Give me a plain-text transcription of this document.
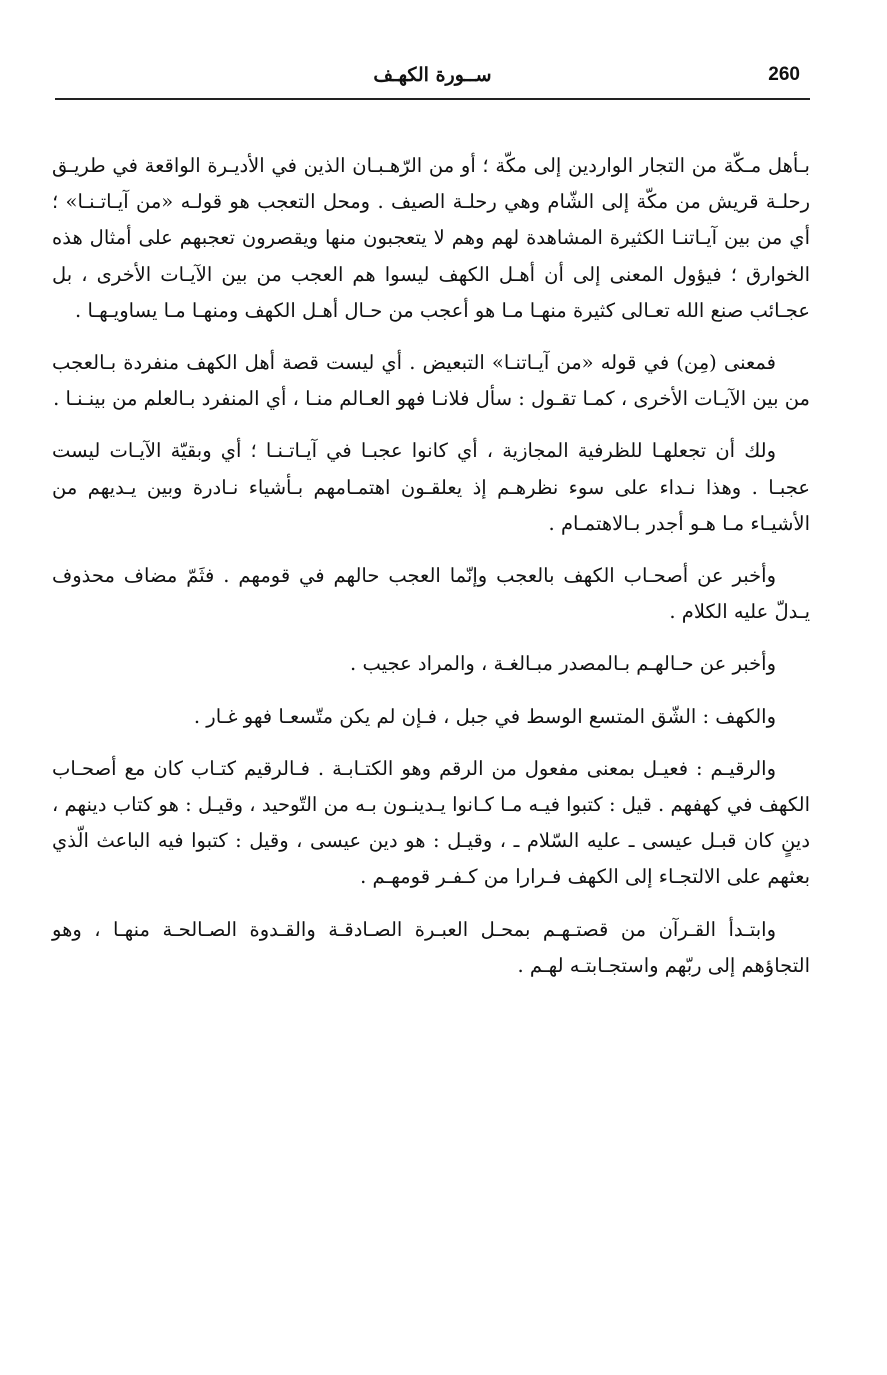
260
ســورة الكهـف

بـأهل مـكّة من التجار الواردين إلى مكّة ؛ أو من الرّهـبـان الذين في الأديـرة الواقعة في طريـق رحلـة قريش من مكّة إلى الشّام وهي رحلـة الصيف . ومحل التعجب هو قولـه «من آيـاتـنـا» ؛ أي من بين آيـاتنـا الكثيرة المشاهدة لهم وهم لا يتعجبون منها ويقصرون تعجبهم على أمثال هذه الخوارق ؛ فيؤول المعنى إلى أن أهـل الكهف ليسوا هم العجب من بين الآيـات الأخرى ، بل عجـائب صنع الله تعـالى كثيرة منهـا مـا هو أعجب من حـال أهـل الكهف ومنهـا مـا يساويـهـا .

فمعنى (مِن) في قوله «من آيـاتنـا» التبعيض . أي ليست قصة أهل الكهف منفردة بـالعجب من بين الآيـات الأخرى ، كمـا تقـول : سأل فلانـا فهو العـالم منـا ، أي المنفرد بـالعلم من بينـنـا .

ولك أن تجعلهـا للظرفية المجازية ، أي كانوا عجبـا في آيـاتـنـا ؛ أي وبقيّة الآيـات ليست عجبـا . وهذا نـداء على سوء نظرهـم إذ يعلقـون اهتمـامهم بـأشياء نـادرة وبين يـديهم من الأشيـاء مـا هـو أجدر بـالاهتمـام .

وأخبر عن أصحـاب الكهف بالعجب وإنّما العجب حالهم في قومهم . فثَمّ مضاف محذوف يـدلّ عليه الكلام .

وأخبر عن حـالهـم بـالمصدر مبـالغـة ، والمراد عجيب .

والكهف : الشّق المتسع الوسط في جبل ، فـإن لم يكن متّسعـا فهو غـار .

والرقيـم : فعيـل بمعنى مفعول من الرقم وهو الكتـابـة . فـالرقيم كتـاب كان مع أصحـاب الكهف في كهفهم . قيل : كتبوا فيـه مـا كـانوا يـدينـون بـه من التّوحيد ، وقيـل : هو كتاب دينهم ، دينٍ كان قبـل عيسى ـ عليه السّلام ـ ، وقيـل : هو دين عيسى ، وقيل : كتبوا فيه الباعث الّذي بعثهم على الالتجـاء إلى الكهف فـرارا من كـفـر قومهـم .

وابتـدأ القـرآن من قصتـهـم بمحـل العبـرة الصـادقـة والقـدوة الصـالحـة منهـا ، وهو التجاؤهم إلى ربّهم واستجـابتـه لهـم .
